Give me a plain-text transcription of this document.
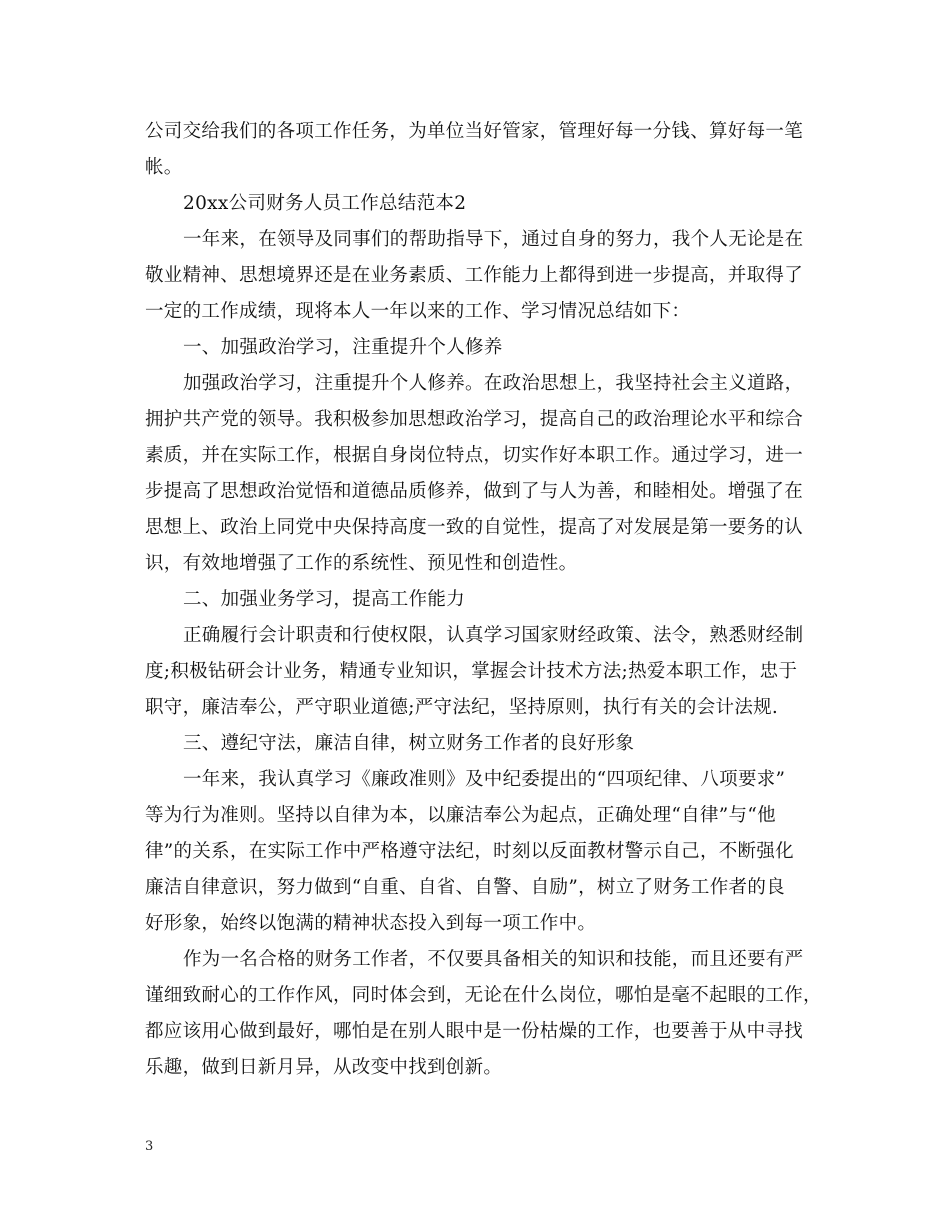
公司交给我们的各项工作任务，为单位当好管家，管理好每一分钱、算好每一笔
帐。
20xx公司财务人员工作总结范本2
一年来，在领导及同事们的帮助指导下，通过自身的努力，我个人无论是在
敬业精神、思想境界还是在业务素质、工作能力上都得到进一步提高，并取得了
一定的工作成绩，现将本人一年以来的工作、学习情况总结如下：
一、加强政治学习，注重提升个人修养
加强政治学习，注重提升个人修养。在政治思想上，我坚持社会主义道路，
拥护共产党的领导。我积极参加思想政治学习，提高自己的政治理论水平和综合
素质，并在实际工作，根据自身岗位特点，切实作好本职工作。通过学习，进一
步提高了思想政治觉悟和道德品质修养，做到了与人为善，和睦相处。增强了在
思想上、政治上同党中央保持高度一致的自觉性，提高了对发展是第一要务的认
识，有效地增强了工作的系统性、预见性和创造性。
二、加强业务学习，提高工作能力
正确履行会计职责和行使权限，认真学习国家财经政策、法令，熟悉财经制
度;积极钻研会计业务，精通专业知识，掌握会计技术方法;热爱本职工作，忠于
职守，廉洁奉公，严守职业道德;严守法纪，坚持原则，执行有关的会计法规.
三、遵纪守法，廉洁自律，树立财务工作者的良好形象
一年来，我认真学习《廉政准则》及中纪委提出的“四项纪律、八项要求”
等为行为准则。坚持以自律为本，以廉洁奉公为起点，正确处理“自律”与“他
律”的关系，在实际工作中严格遵守法纪，时刻以反面教材警示自己，不断强化
廉洁自律意识，努力做到“自重、自省、自警、自励”，树立了财务工作者的良
好形象，始终以饱满的精神状态投入到每一项工作中。
作为一名合格的财务工作者，不仅要具备相关的知识和技能，而且还要有严
谨细致耐心的工作作风，同时体会到，无论在什么岗位，哪怕是毫不起眼的工作，
都应该用心做到最好，哪怕是在别人眼中是一份枯燥的工作，也要善于从中寻找
乐趣，做到日新月异，从改变中找到创新。
3
